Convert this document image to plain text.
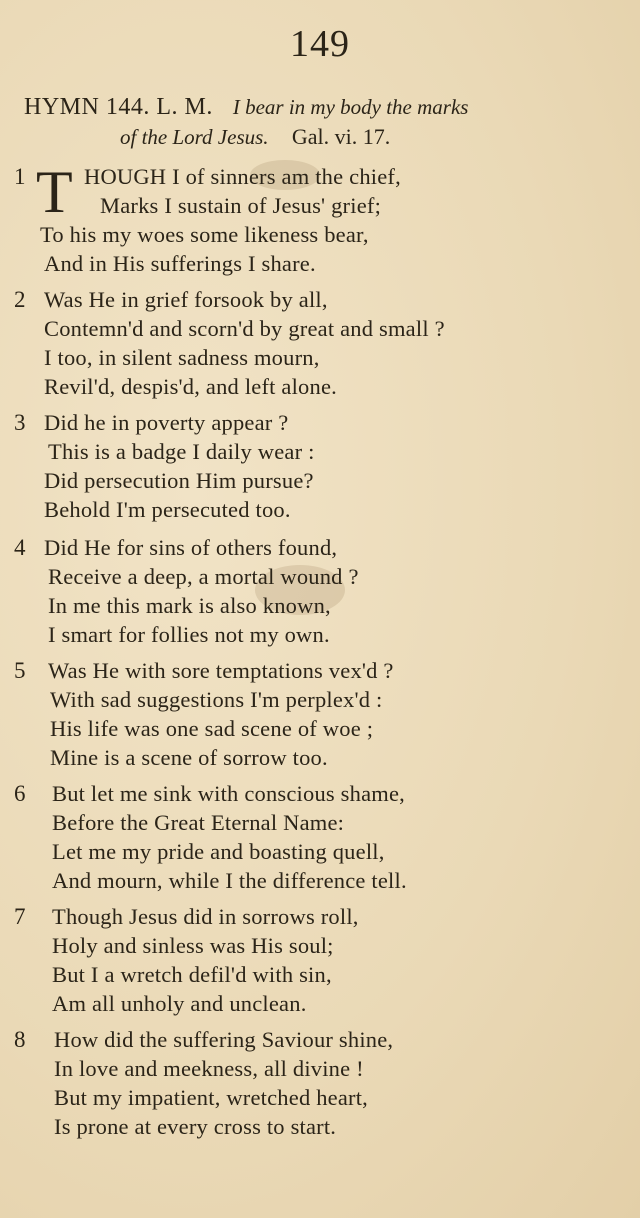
149
HYMN 144. L. M. I bear in my body the marks
of the Lord Jesus. Gal. vi. 17.
1 T HOUGH I of sinners am the chief,
Marks I sustain of Jesus' grief;
To his my woes some likeness bear,
And in His sufferings I share.
2 Was He in grief forsook by all,
Contemn'd and scorn'd by great and small ?
I too, in silent sadness mourn,
Revil'd, despis'd, and left alone.
3 Did he in poverty appear ?
This is a badge I daily wear :
Did persecution Him pursue?
Behold I'm persecuted too.
4 Did He for sins of others found,
Receive a deep, a mortal wound ?
In me this mark is also known,
I smart for follies not my own.
5 Was He with sore temptations vex'd ?
With sad suggestions I'm perplex'd :
His life was one sad scene of woe ;
Mine is a scene of sorrow too.
6 But let me sink with conscious shame,
Before the Great Eternal Name:
Let me my pride and boasting quell,
And mourn, while I the difference tell.
7 Though Jesus did in sorrows roll,
Holy and sinless was His soul;
But I a wretch defil'd with sin,
Am all unholy and unclean.
8 How did the suffering Saviour shine,
In love and meekness, all divine !
But my impatient, wretched heart,
Is prone at every cross to start.
